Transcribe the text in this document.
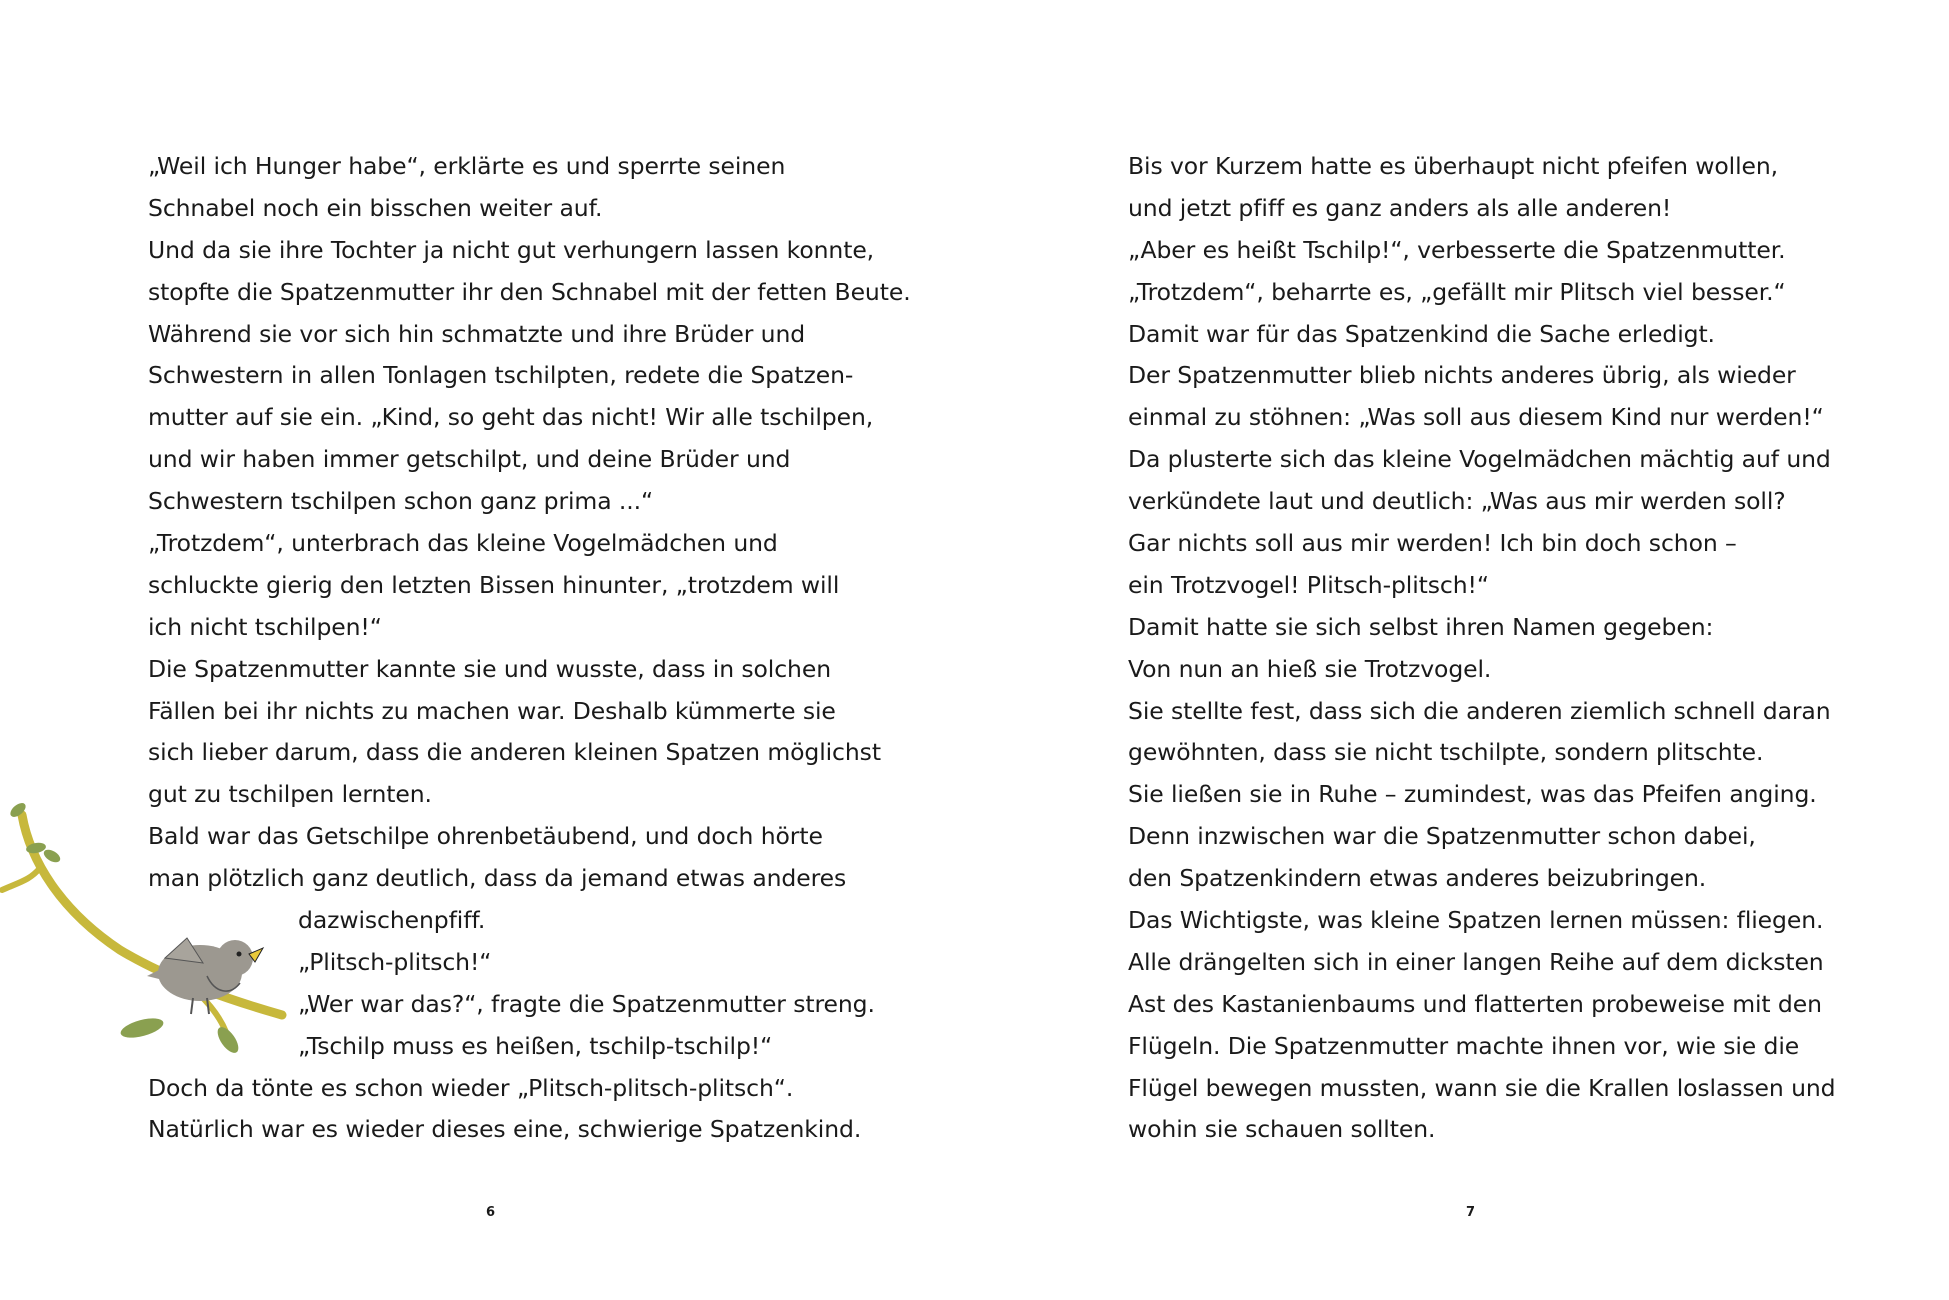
„Weil ich Hunger habe“, erklärte es und sperrte seinen
Schnabel noch ein bisschen weiter auf.
Und da sie ihre Tochter ja nicht gut verhungern lassen konnte,
stopfte die Spatzenmutter ihr den Schnabel mit der fetten Beute.
Während sie vor sich hin schmatzte und ihre Brüder und
Schwestern in allen Tonlagen tschilpten, redete die Spatzen-
mutter auf sie ein. „Kind, so geht das nicht! Wir alle tschilpen,
und wir haben immer getschilpt, und deine Brüder und
Schwestern tschilpen schon ganz prima ...“
„Trotzdem“, unterbrach das kleine Vogelmädchen und
schluckte gierig den letzten Bissen hinunter, „trotzdem will
ich nicht tschilpen!“
Die Spatzenmutter kannte sie und wusste, dass in solchen
Fällen bei ihr nichts zu machen war. Deshalb kümmerte sie
sich lieber darum, dass die anderen kleinen Spatzen möglichst
gut zu tschilpen lernten.
Bald war das Getschilpe ohrenbetäubend, und doch hörte
man plötzlich ganz deutlich, dass da jemand etwas anderes
dazwischenpfiff.
„Plitsch-plitsch!“
„Wer war das?“, fragte die Spatzenmutter streng.
„Tschilp muss es heißen, tschilp-tschilp!“
Doch da tönte es schon wieder „Plitsch-plitsch-plitsch“.
Natürlich war es wieder dieses eine, schwierige Spatzenkind.
6
Bis vor Kurzem hatte es überhaupt nicht pfeifen wollen,
und jetzt pfiff es ganz anders als alle anderen!
„Aber es heißt Tschilp!“, verbesserte die Spatzenmutter.
„Trotzdem“, beharrte es, „gefällt mir Plitsch viel besser.“
Damit war für das Spatzenkind die Sache erledigt.
Der Spatzenmutter blieb nichts anderes übrig, als wieder
einmal zu stöhnen: „Was soll aus diesem Kind nur werden!“
Da plusterte sich das kleine Vogelmädchen mächtig auf und
verkündete laut und deutlich: „Was aus mir werden soll?
Gar nichts soll aus mir werden! Ich bin doch schon –
ein Trotzvogel! Plitsch-plitsch!“
Damit hatte sie sich selbst ihren Namen gegeben:
Von nun an hieß sie Trotzvogel.
Sie stellte fest, dass sich die anderen ziemlich schnell daran
gewöhnten, dass sie nicht tschilpte, sondern plitschte.
Sie ließen sie in Ruhe – zumindest, was das Pfeifen anging.
Denn inzwischen war die Spatzenmutter schon dabei,
den Spatzenkindern etwas anderes beizubringen.
Das Wichtigste, was kleine Spatzen lernen müssen: fliegen.
Alle drängelten sich in einer langen Reihe auf dem dicksten
Ast des Kastanienbaums und flatterten probeweise mit den
Flügeln. Die Spatzenmutter machte ihnen vor, wie sie die
Flügel bewegen mussten, wann sie die Krallen loslassen und
wohin sie schauen sollten.
7
